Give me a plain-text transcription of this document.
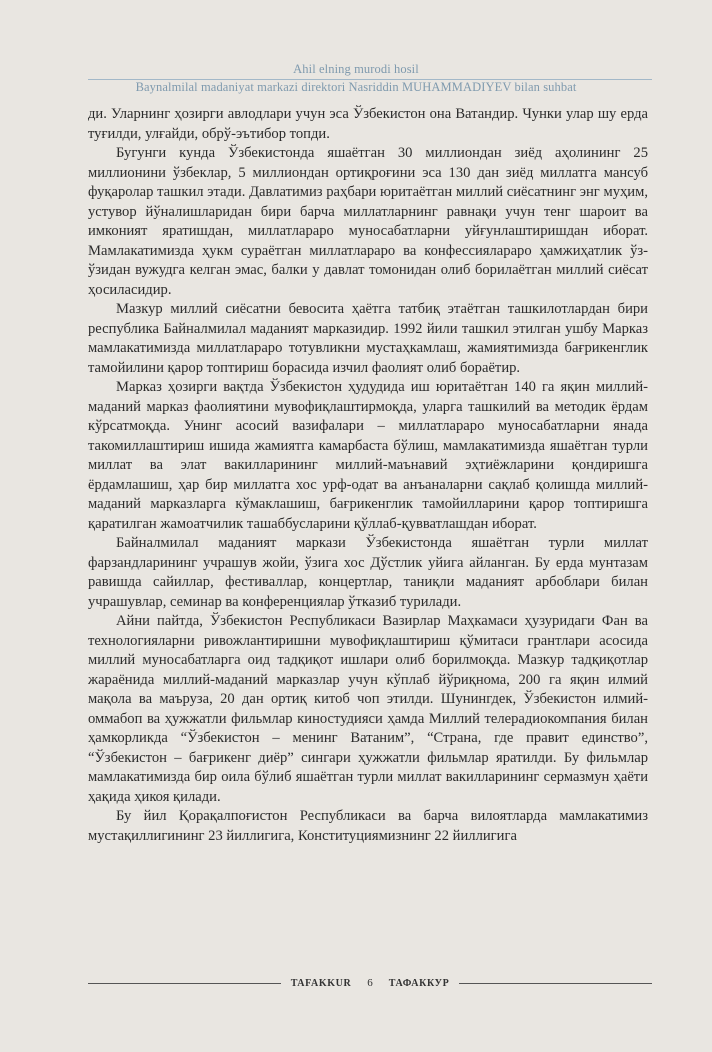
Ahil elning murodi hosil
Baynalmilal madaniyat markazi direktori Nasriddin MUHAMMADIYEV bilan suhbat

ди. Уларнинг ҳозирги авлодлари учун эса Ўзбекистон она Ватандир. Чунки улар шу ерда туғилди, улғайди, обрў-эътибор топди.

Бугунги кунда Ўзбекистонда яшаётган 30 миллиондан зиёд аҳолининг 25 миллионини ўзбеклар, 5 миллиондан ортиқроғини эса 130 дан зиёд миллатга мансуб фуқаролар ташкил этади. Давлатимиз раҳбари юритаётган миллий сиёсатнинг энг муҳим, устувор йўналишларидан бири барча миллатларнинг равнақи учун тенг шароит ва имконият яратишдан, миллатлараро муносабатларни уйғунлаштиришдан иборат. Мамлакатимизда ҳукм сураётган миллатлараро ва конфессиялараро ҳамжиҳатлик ўз-ўзидан вужудга келган эмас, балки у давлат томонидан олиб борилаётган миллий сиёсат ҳосиласидир.

Мазкур миллий сиёсатни бевосита ҳаётга татбиқ этаётган ташкилотлардан бири республика Байналмилал маданият марказидир. 1992 йили ташкил этилган ушбу Марказ мамлакатимизда миллатлараро тотувликни мустаҳкамлаш, жамиятимизда бағрикенглик тамойилини қарор топтириш борасида изчил фаолият олиб бораётир.

Марказ ҳозирги вақтда Ўзбекистон ҳудудида иш юритаётган 140 га яқин миллий-маданий марказ фаолиятини мувофиқлаштирмоқда, уларга ташкилий ва методик ёрдам кўрсатмоқда. Унинг асосий вазифалари – миллатлараро муносабатларни янада такомиллаштириш ишида жамиятга камарбаста бўлиш, мамлакатимизда яшаётган турли миллат ва элат вакилларининг миллий-маънавий эҳтиёжларини қондиришга ёрдамлашиш, ҳар бир миллатга хос урф-одат ва анъаналарни сақлаб қолишда миллий-маданий марказларга кўмаклашиш, бағрикенглик тамойилларини қарор топтиришга қаратилган жамоатчилик ташаббусларини қўллаб-қувватлашдан иборат.

Байналмилал маданият маркази Ўзбекистонда яшаётган турли миллат фарзандларининг учрашув жойи, ўзига хос Дўстлик уйига айланган. Бу ерда мунтазам равишда сайиллар, фестиваллар, концертлар, таниқли маданият арбоблари билан учрашувлар, семинар ва конференциялар ўтказиб турилади.

Айни пайтда, Ўзбекистон Республикаси Вазирлар Маҳкамаси ҳузуридаги Фан ва технологияларни ривожлантиришни мувофиқлаштириш қўмитаси грантлари асосида миллий муносабатларга оид тадқиқот ишлари олиб борилмоқда. Мазкур тадқиқотлар жараёнида миллий-маданий марказлар учун кўплаб йўриқнома, 200 га яқин илмий мақола ва маъруза, 20 дан ортиқ китоб чоп этилди. Шунингдек, Ўзбекистон илмий-оммабоп ва ҳужжатли фильмлар киностудияси ҳамда Миллий телерадиокомпания билан ҳамкорликда “Ўзбекистон – менинг Ватаним”, “Страна, где правит единство”, “Ўзбекистон – бағрикенг диёр” сингари ҳужжатли фильмлар яратилди. Бу фильмлар мамлакатимизда бир оила бўлиб яшаётган турли миллат вакилларининг сермазмун ҳаёти ҳақида ҳикоя қилади.

Бу йил Қорақалпоғистон Республикаси ва барча вилоятларда мамлакатимиз мустақиллигининг 23 йиллигига, Конституциямизнинг 22 йиллигига

TAFAKKUR	6	ТАФАККУР
